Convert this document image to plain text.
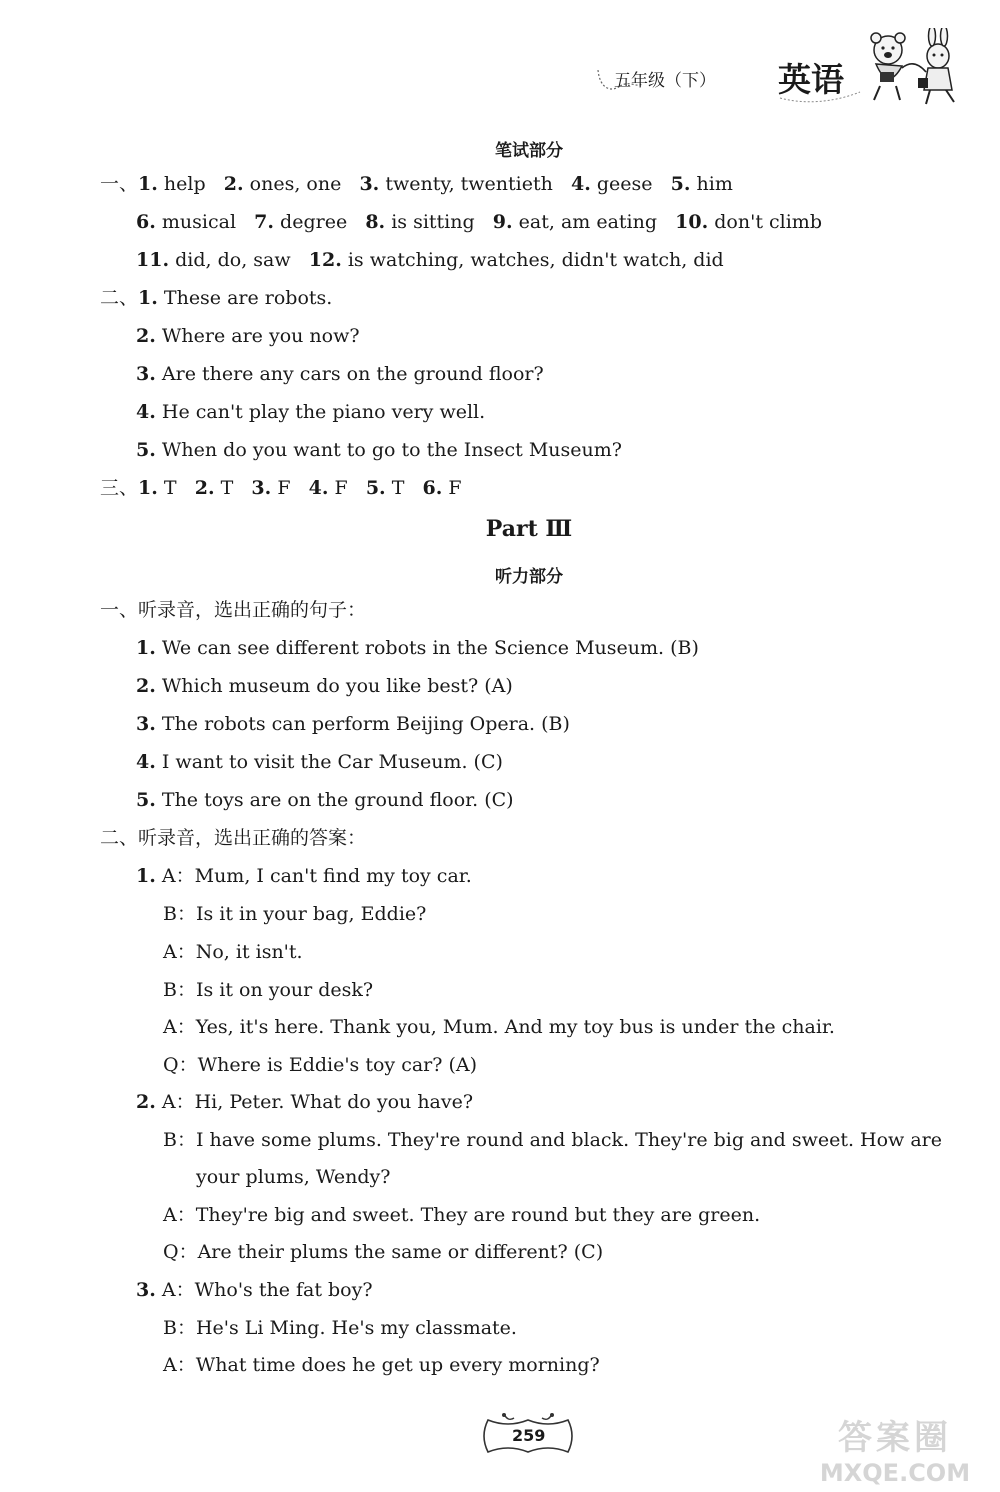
五年级（下） 英语
笔试部分
一、1. help 2. ones, one 3. twenty, twentieth 4. geese 5. him
6. musical 7. degree 8. is sitting 9. eat, am eating 10. don't climb
11. did, do, saw 12. is watching, watches, didn't watch, did
二、1. These are robots.
2. Where are you now?
3. Are there any cars on the ground floor?
4. He can't play the piano very well.
5. When do you want to go to the Insect Museum?
三、1. T 2. T 3. F 4. F 5. T 6. F
Part Ⅲ
听力部分
一、听录音，选出正确的句子：
1. We can see different robots in the Science Museum. (B)
2. Which museum do you like best? (A)
3. The robots can perform Beijing Opera. (B)
4. I want to visit the Car Museum. (C)
5. The toys are on the ground floor. (C)
二、听录音，选出正确的答案：
1. A：Mum, I can't find my toy car.
B：Is it in your bag, Eddie?
A：No, it isn't.
B：Is it on your desk?
A：Yes, it's here. Thank you, Mum. And my toy bus is under the chair.
Q：Where is Eddie's toy car? (A)
2. A：Hi, Peter. What do you have?
B：I have some plums. They're round and black. They're big and sweet. How are
your plums, Wendy?
A：They're big and sweet. They are round but they are green.
Q：Are their plums the same or different? (C)
3. A：Who's the fat boy?
B：He's Li Ming. He's my classmate.
A：What time does he get up every morning?
259	答案圈
MXQE.COM
